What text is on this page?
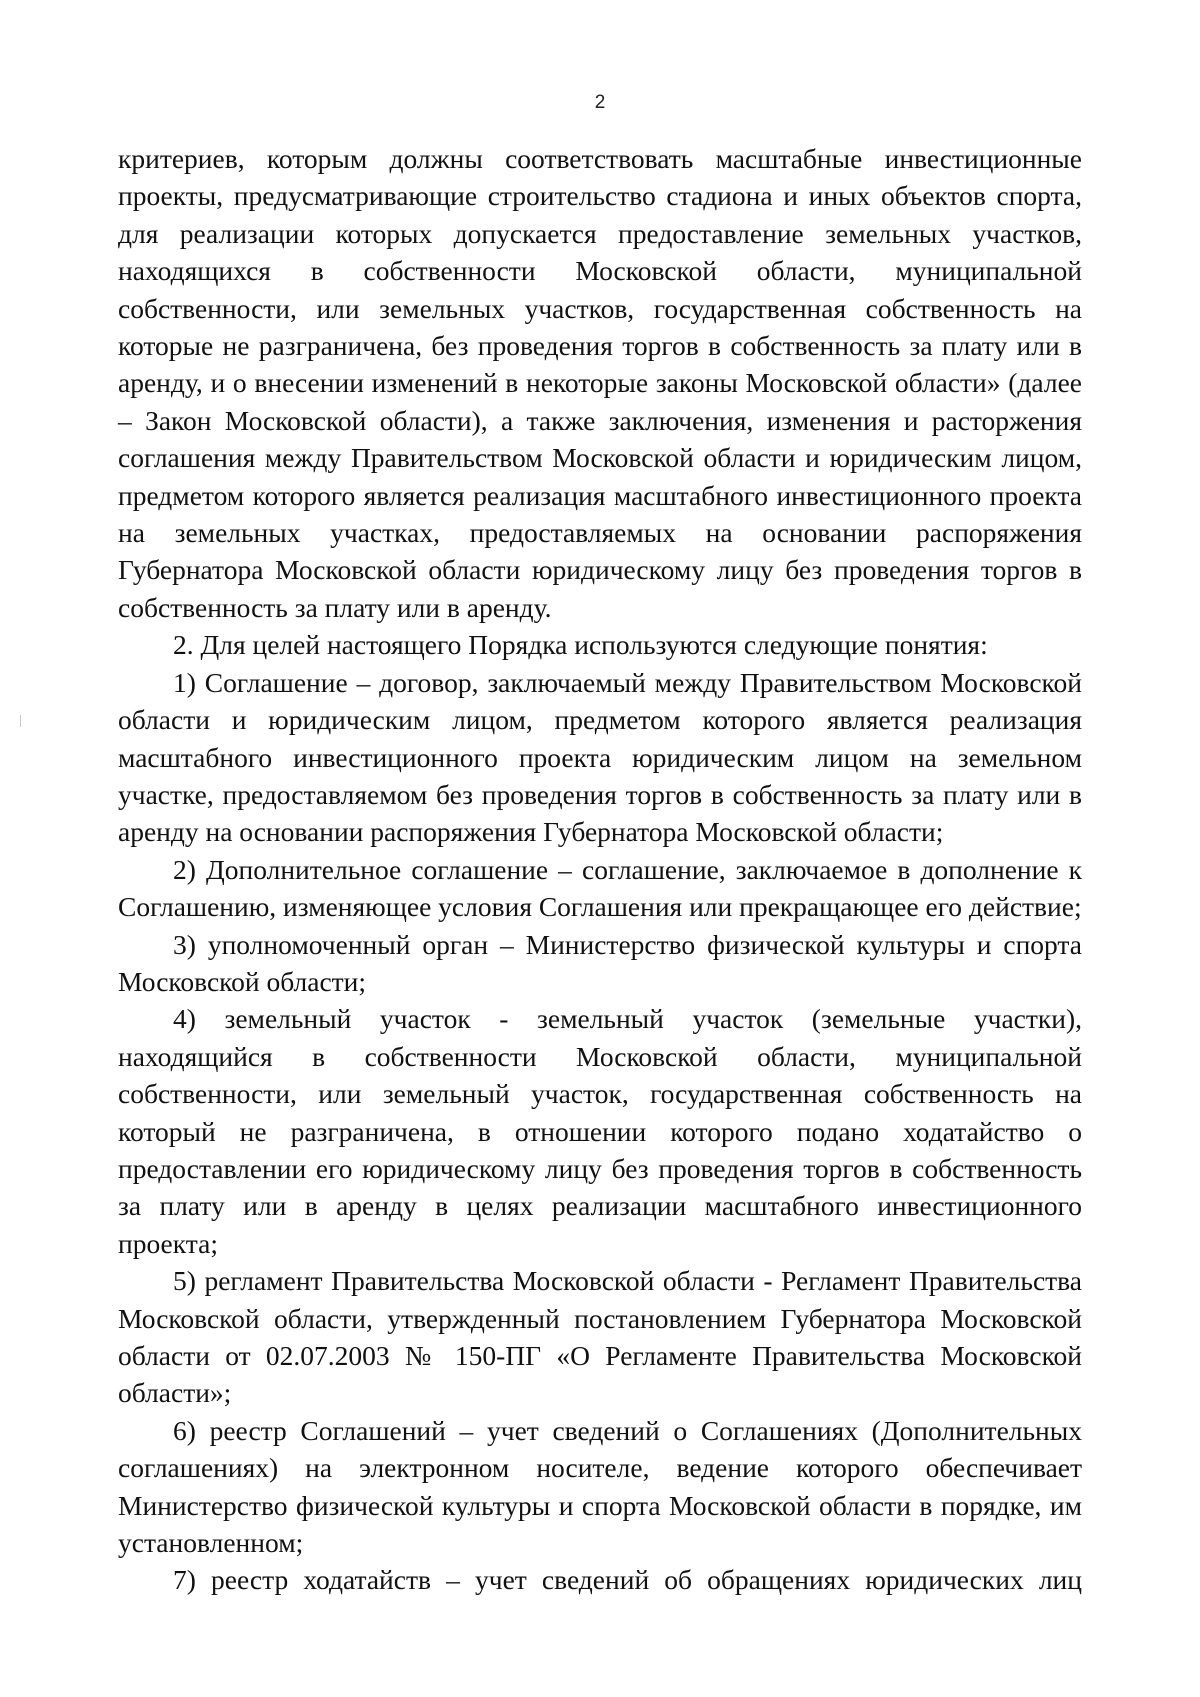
2

критериев, которым должны соответствовать масштабные инвестиционные проекты, предусматривающие строительство стадиона и иных объектов спорта, для реализации которых допускается предоставление земельных участков, находящихся в собственности Московской области, муниципальной собственности, или земельных участков, государственная собственность на которые не разграничена, без проведения торгов в собственность за плату или в аренду, и о внесении изменений в некоторые законы Московской области» (далее – Закон Московской области), а также заключения, изменения и расторжения соглашения между Правительством Московской области и юридическим лицом, предметом которого является реализация масштабного инвестиционного проекта на земельных участках, предоставляемых на основании распоряжения Губернатора Московской области юридическому лицу без проведения торгов в собственность за плату или в аренду.

2. Для целей настоящего Порядка используются следующие понятия:

1) Соглашение – договор, заключаемый между Правительством Московской области и юридическим лицом, предметом которого является реализация масштабного инвестиционного проекта юридическим лицом на земельном участке, предоставляемом без проведения торгов в собственность за плату или в аренду на основании распоряжения Губернатора Московской области;

2) Дополнительное соглашение – соглашение, заключаемое в дополнение к Соглашению, изменяющее условия Соглашения или прекращающее его действие;

3) уполномоченный орган – Министерство физической культуры и спорта Московской области;

4) земельный участок - земельный участок (земельные участки), находящийся в собственности Московской области, муниципальной собственности, или земельный участок, государственная собственность на который не разграничена, в отношении которого подано ходатайство о предоставлении его юридическому лицу без проведения торгов в собственность за плату или в аренду в целях реализации масштабного инвестиционного проекта;

5) регламент Правительства Московской области - Регламент Правительства Московской области, утвержденный постановлением Губернатора Московской области от 02.07.2003 № 150-ПГ «О Регламенте Правительства Московской области»;

6) реестр Соглашений – учет сведений о Соглашениях (Дополнительных соглашениях) на электронном носителе, ведение которого обеспечивает Министерство физической культуры и спорта Московской области в порядке, им установленном;

7) реестр ходатайств – учет сведений об обращениях юридических лиц
